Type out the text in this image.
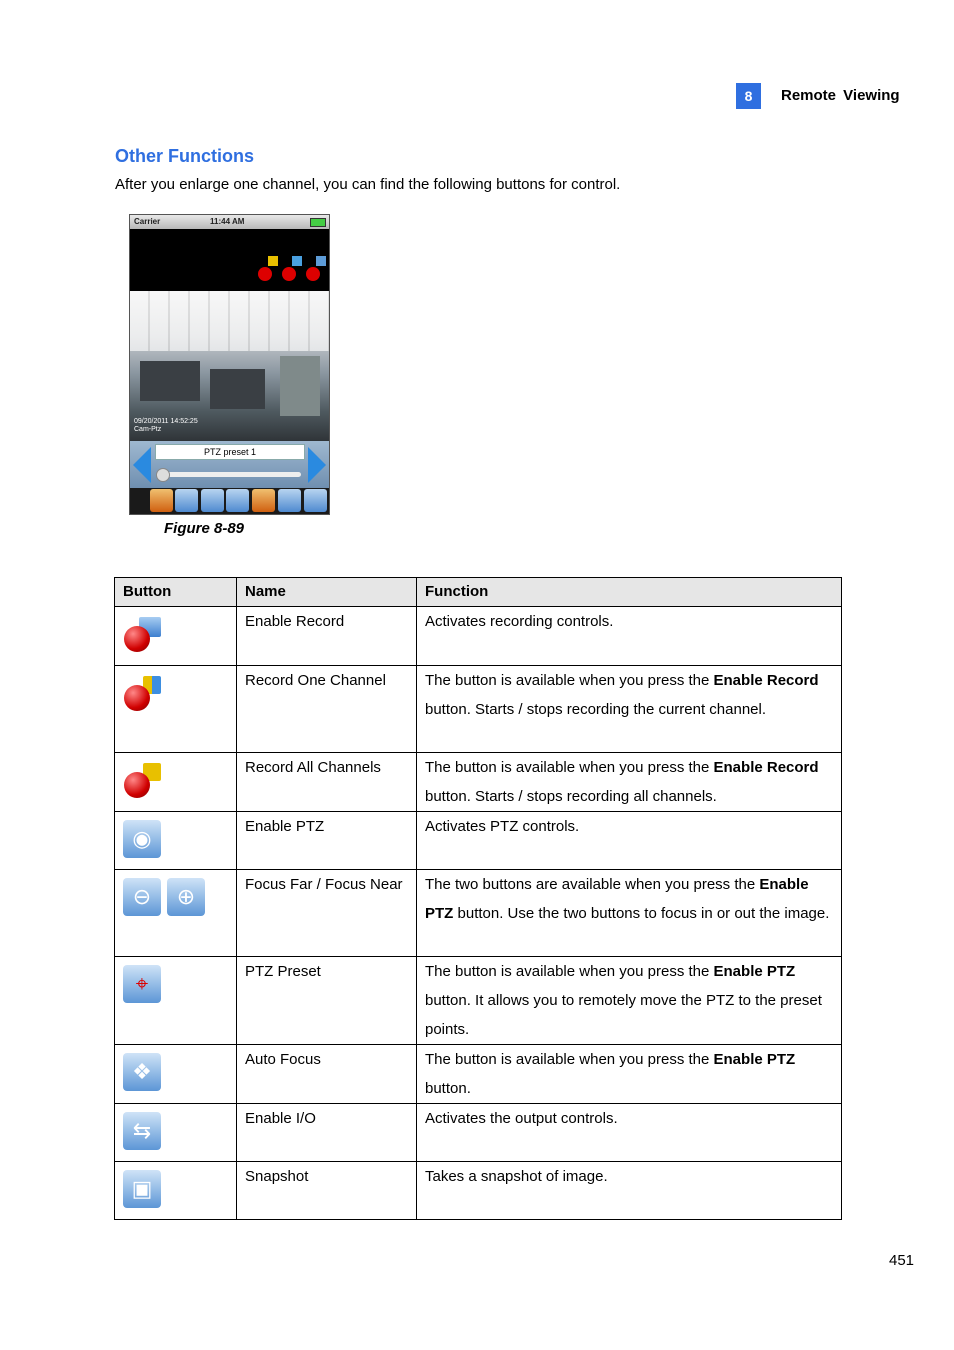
8	Remote Viewing
Other Functions
After you enlarge one channel, you can find the following buttons for control.
Carrier	11:44 AM
09/20/2011 14:52:25
Cam-Ptz
PTZ preset 1
Figure 8-89
Button	Name	Function

	Enable Record	Activates recording controls.

	Record One Channel	The button is available when you press the Enable Record button. Starts / stops recording the current channel.

	Record All Channels	The button is available when you press the Enable Record button. Starts / stops recording all channels.

◉	Enable PTZ	Activates PTZ controls.

⊖ ⊕	Focus Far / Focus Near	The two buttons are available when you press the Enable PTZ button. Use the two buttons to focus in or out the image.

⌖	PTZ Preset	The button is available when you press the Enable PTZ button. It allows you to remotely move the PTZ to the preset points.

❖	Auto Focus	The button is available when you press the Enable PTZ button.

⇆	Enable I/O	Activates the output controls.

▣	Snapshot	Takes a snapshot of image.
451
